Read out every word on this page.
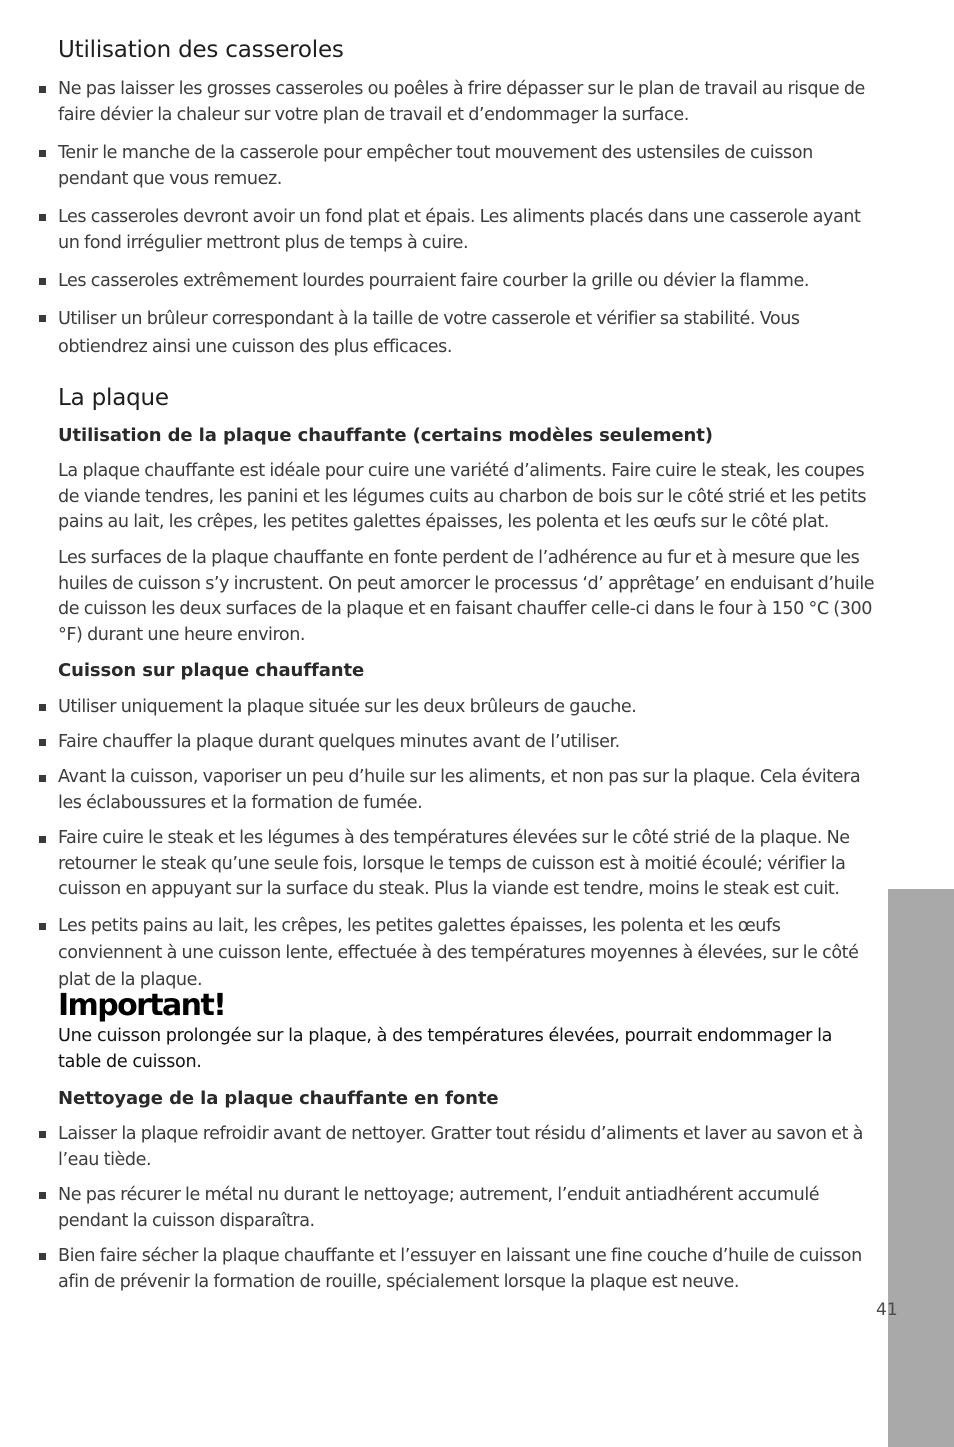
Utilisation des casseroles
Ne pas laisser les grosses casseroles ou poêles à frire dépasser sur le plan de travail au risque de faire dévier la chaleur sur votre plan de travail et d’endommager la surface.
Tenir le manche de la casserole pour empêcher tout mouvement des ustensiles de cuisson pendant que vous remuez.
Les casseroles devront avoir un fond plat et épais. Les aliments placés dans une casserole ayant un fond irrégulier mettront plus de temps à cuire.
Les casseroles extrêmement lourdes pourraient faire courber la grille ou dévier la flamme.
Utiliser un brûleur correspondant à la taille de votre casserole et vérifier sa stabilité. Vous obtiendrez ainsi une cuisson des plus efficaces.
La plaque
Utilisation de la plaque chauffante (certains modèles seulement)

La plaque chauffante est idéale pour cuire une variété d’aliments. Faire cuire le steak, les coupes de viande tendres, les panini et les légumes cuits au charbon de bois sur le côté strié et les petits pains au lait, les crêpes, les petites galettes épaisses, les polenta et les œufs sur le côté plat.

Les surfaces de la plaque chauffante en fonte perdent de l’adhérence au fur et à mesure que les huiles de cuisson s’y incrustent. On peut amorcer le processus ‘d’ apprêtage’ en enduisant d’huile de cuisson les deux surfaces de la plaque et en faisant chauffer celle-ci dans le four à 150 °C (300 °F) durant une heure environ.

Cuisson sur plaque chauffante
Utiliser uniquement la plaque située sur les deux brûleurs de gauche.
Faire chauffer la plaque durant quelques minutes avant de l’utiliser.
Avant la cuisson, vaporiser un peu d’huile sur les aliments, et non pas sur la plaque. Cela évitera les éclaboussures et la formation de fumée.
Faire cuire le steak et les légumes à des températures élevées sur le côté strié de la plaque. Ne retourner le steak qu’une seule fois, lorsque le temps de cuisson est à moitié écoulé; vérifier la cuisson en appuyant sur la surface du steak. Plus la viande est tendre, moins le steak est cuit.
Les petits pains au lait, les crêpes, les petites galettes épaisses, les polenta et les œufs conviennent à une cuisson lente, effectuée à des températures moyennes à élevées, sur le côté plat de la plaque.
Important!

Une cuisson prolongée sur la plaque, à des températures élevées, pourrait endommager la table de cuisson.

Nettoyage de la plaque chauffante en fonte
Laisser la plaque refroidir avant de nettoyer. Gratter tout résidu d’aliments et laver au savon et à l’eau tiède.
Ne pas récurer le métal nu durant le nettoyage; autrement, l’enduit antiadhérent accumulé pendant la cuisson disparaîtra.
Bien faire sécher la plaque chauffante et l’essuyer en laissant une fine couche d’huile de cuisson afin de prévenir la formation de rouille, spécialement lorsque la plaque est neuve.
41
